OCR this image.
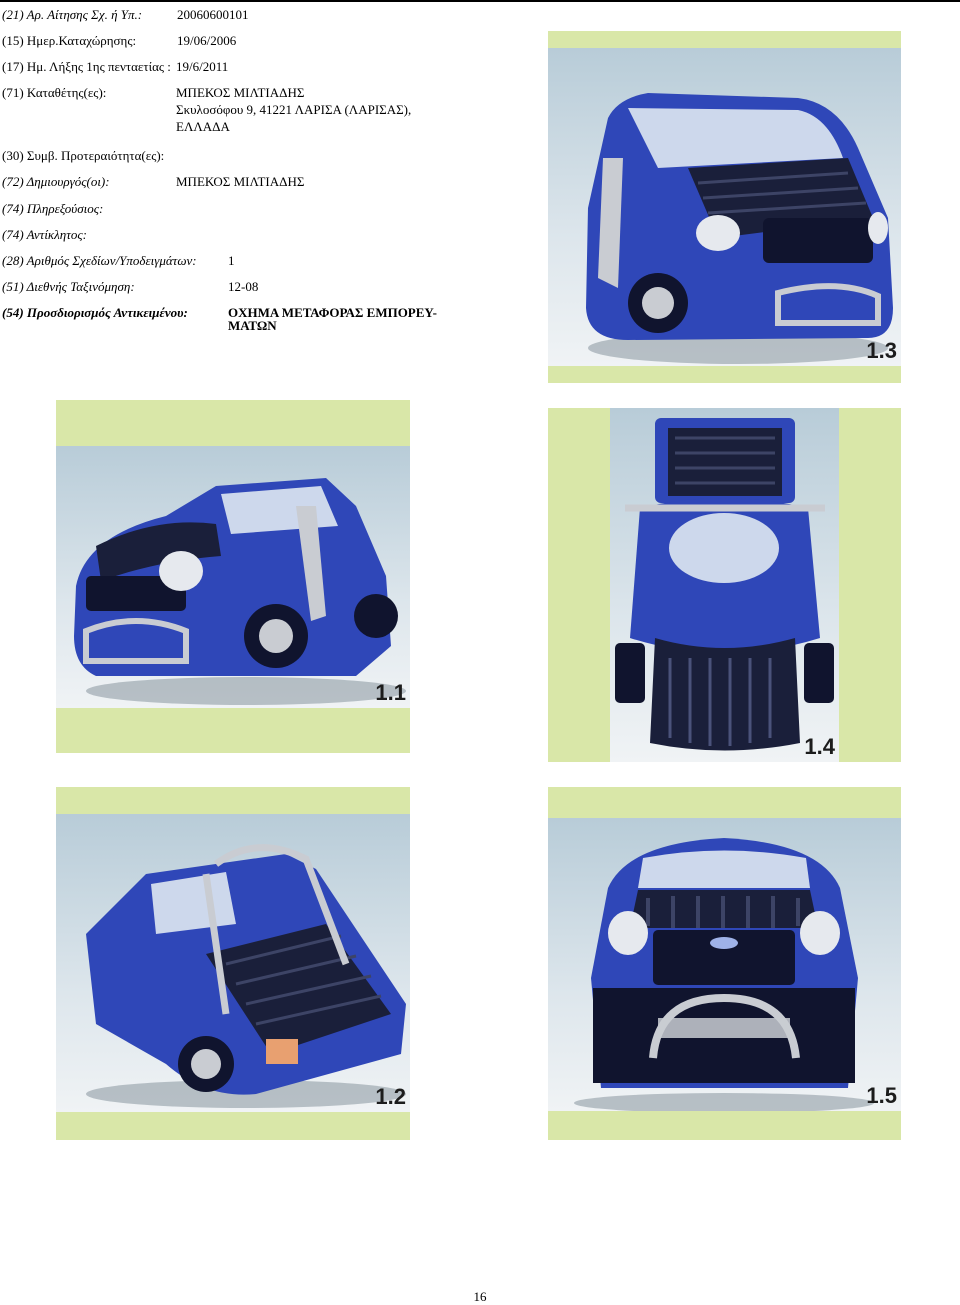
(21) Αρ. Αίτησης Σχ. ή Υπ.:	20060600101
(15) Ημερ.Καταχώρησης:	19/06/2006
(17) Ημ. Λήξης 1ης πενταετίας : 19/6/2011
(71) Καταθέτης(ες):	ΜΠΕΚΟΣ ΜΙΛΤΙΑΔΗΣ
Σκυλοσόφου 9, 41221 ΛΑΡΙΣΑ (ΛΑΡΙΣΑΣ),
ΕΛΛΑΔΑ
(30) Συμβ. Προτεραιότητα(ες):
(72) Δημιουργός(οι):	ΜΠΕΚΟΣ ΜΙΛΤΙΑΔΗΣ
(74) Πληρεξούσιος:
(74) Αντίκλητος:
(28) Αριθμός Σχεδίων/Υποδειγμάτων: 1
(51) Διεθνής Ταξινόμηση:	12-08
(54) Προσδιορισμός Αντικειμένου:	ΟΧΗΜΑ ΜΕΤΑΦΟΡΑΣ ΕΜΠΟΡΕΥ-
ΜΑΤΩΝ
1.3
1.1
1.4
1.2	1.5
16
